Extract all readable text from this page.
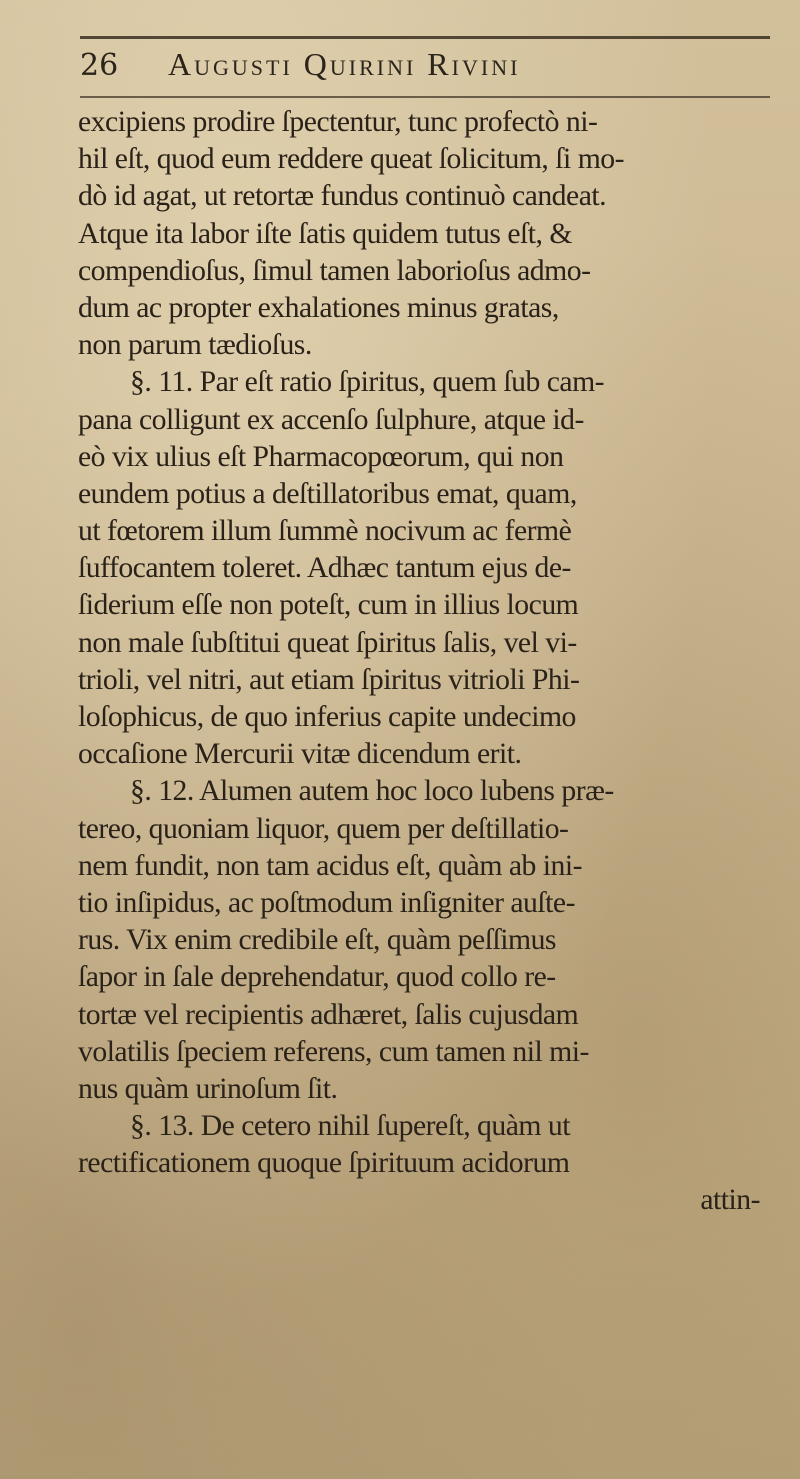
26	Augusti Quirini Rivini
excipiens prodire ſpectentur, tunc profectò ni-
hil eſt, quod eum reddere queat ſolicitum, ſi mo-
dò id agat, ut retortæ fundus continuò candeat.
Atque ita labor iſte ſatis quidem tutus eſt, &
compendioſus, ſimul tamen laborioſus admo-
dum ac propter exhalationes minus gratas,
non parum tædioſus.
§. 11. Par eſt ratio ſpiritus, quem ſub cam-
pana colligunt ex accenſo ſulphure, atque id-
eò vix ulius eſt Pharmacopœorum, qui non
eundem potius a deſtillatoribus emat, quam,
ut fœtorem illum ſummè nocivum ac fermè
ſuffocantem toleret. Adhæc tantum ejus de-
ſiderium eſſe non poteſt, cum in illius locum
non male ſubſtitui queat ſpiritus ſalis, vel vi-
trioli, vel nitri, aut etiam ſpiritus vitrioli Phi-
loſophicus, de quo inferius capite undecimo
occaſione Mercurii vitæ dicendum erit.
§. 12. Alumen autem hoc loco lubens præ-
tereo, quoniam liquor, quem per deſtillatio-
nem fundit, non tam acidus eſt, quàm ab ini-
tio inſipidus, ac poſtmodum inſigniter auſte-
rus. Vix enim credibile eſt, quàm peſſimus
ſapor in ſale deprehendatur, quod collo re-
tortæ vel recipientis adhæret, ſalis cujusdam
volatilis ſpeciem referens, cum tamen nil mi-
nus quàm urinoſum ſit.
§. 13. De cetero nihil ſupereſt, quàm ut
rectificationem quoque ſpirituum acidorum
attin-
